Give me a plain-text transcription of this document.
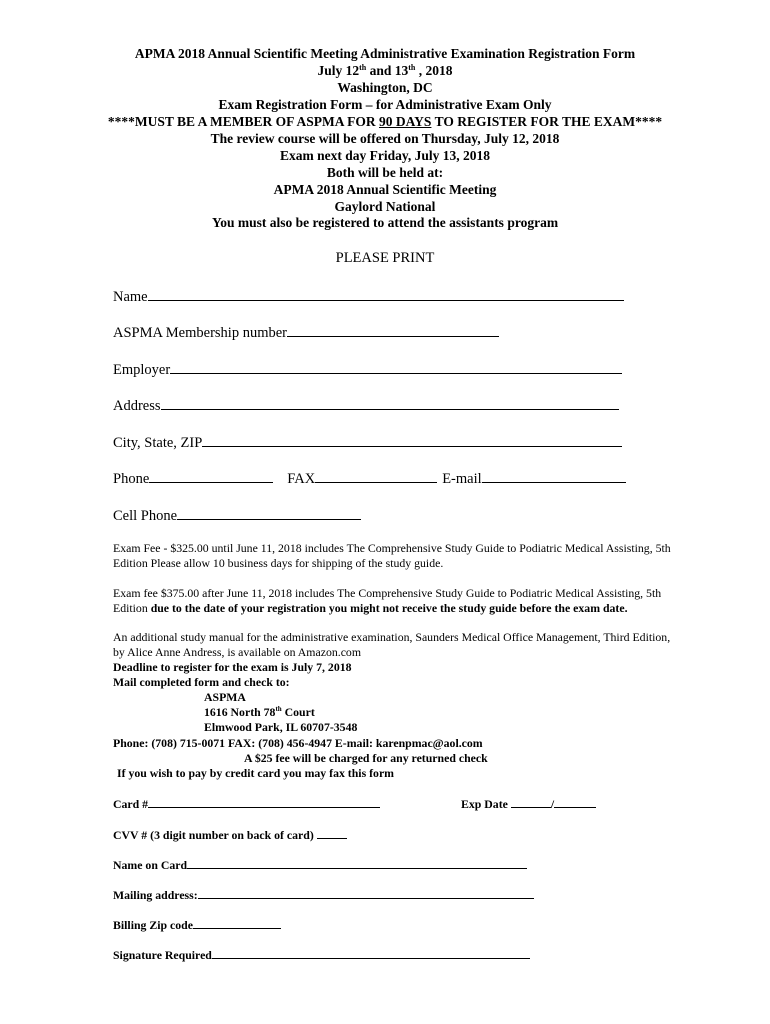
APMA 2018 Annual Scientific Meeting Administrative Examination Registration Form
July 12th and 13th , 2018
Washington, DC
Exam Registration Form – for Administrative Exam Only
****MUST BE A MEMBER OF ASPMA FOR 90 DAYS TO REGISTER FOR THE EXAM****
The review course will be offered on Thursday, July 12, 2018
Exam next day Friday, July 13, 2018
Both will be held at:
APMA 2018 Annual Scientific Meeting
Gaylord National
You must also be registered to attend the assistants program
PLEASE PRINT
Name
ASPMA Membership number
Employer
Address
City, State, ZIP
Phone	FAX	E-mail
Cell Phone
Exam Fee - $325.00 until June 11, 2018 includes The Comprehensive Study Guide to Podiatric Medical Assisting, 5th Edition Please allow 10 business days for shipping of the study guide.
Exam fee $375.00 after June 11, 2018 includes The Comprehensive Study Guide to Podiatric Medical Assisting, 5th Edition due to the date of your registration you might not receive the study guide before the exam date.
An additional study manual for the administrative examination, Saunders Medical Office Management, Third Edition, by Alice Anne Andress, is available on Amazon.com
Deadline to register for the exam is July 7, 2018
Mail completed form and check to:
ASPMA
1616 North 78th Court
Elmwood Park, IL 60707-3548
Phone: (708) 715-0071 FAX: (708) 456-4947 E-mail: karenpmac@aol.com
A $25 fee will be charged for any returned check
If you wish to pay by credit card you may fax this form
Card #	Exp Date	/
CVV # (3 digit number on back of card)
Name on Card
Mailing address:
Billing Zip code
Signature Required
